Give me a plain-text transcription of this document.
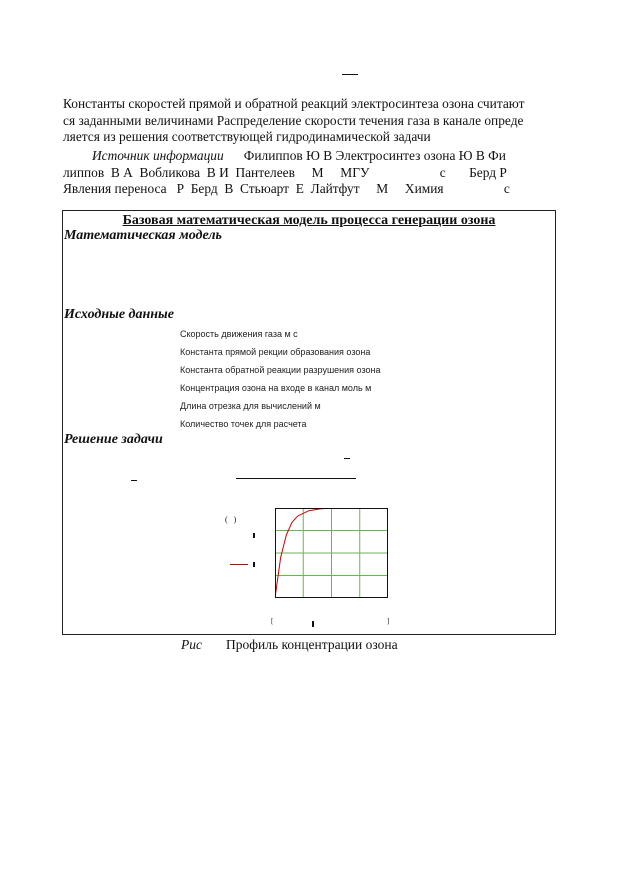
Константы скоростей прямой и обратной реакций электросинтеза озона считают
ся заданными величинами Распределение скорости течения газа в канале опреде
ляется из решения соответствующей гидродинамической задачи
Источник информации Филиппов Ю В Электросинтез озона Ю В Фи
липпов  В А  Вобликова  В И  Пантелеев     М     МГУ                     с       Берд Р
Явления переноса   Р  Берд  В  Стьюарт  Е  Лайтфут     М     Химия                  с
Базовая математическая модель процесса генерации озона
Математическая модель
Исходные данные
Скорость движения газа м с
Константа прямой рекции образования озона
Константа обратной реакции разрушения озона
Концентрация озона на входе в канал моль м
Длина отрезка для вычислений м
Количество точек для расчета
Решение задачи
(   )
[	]
Рис Профиль концентрации озона
